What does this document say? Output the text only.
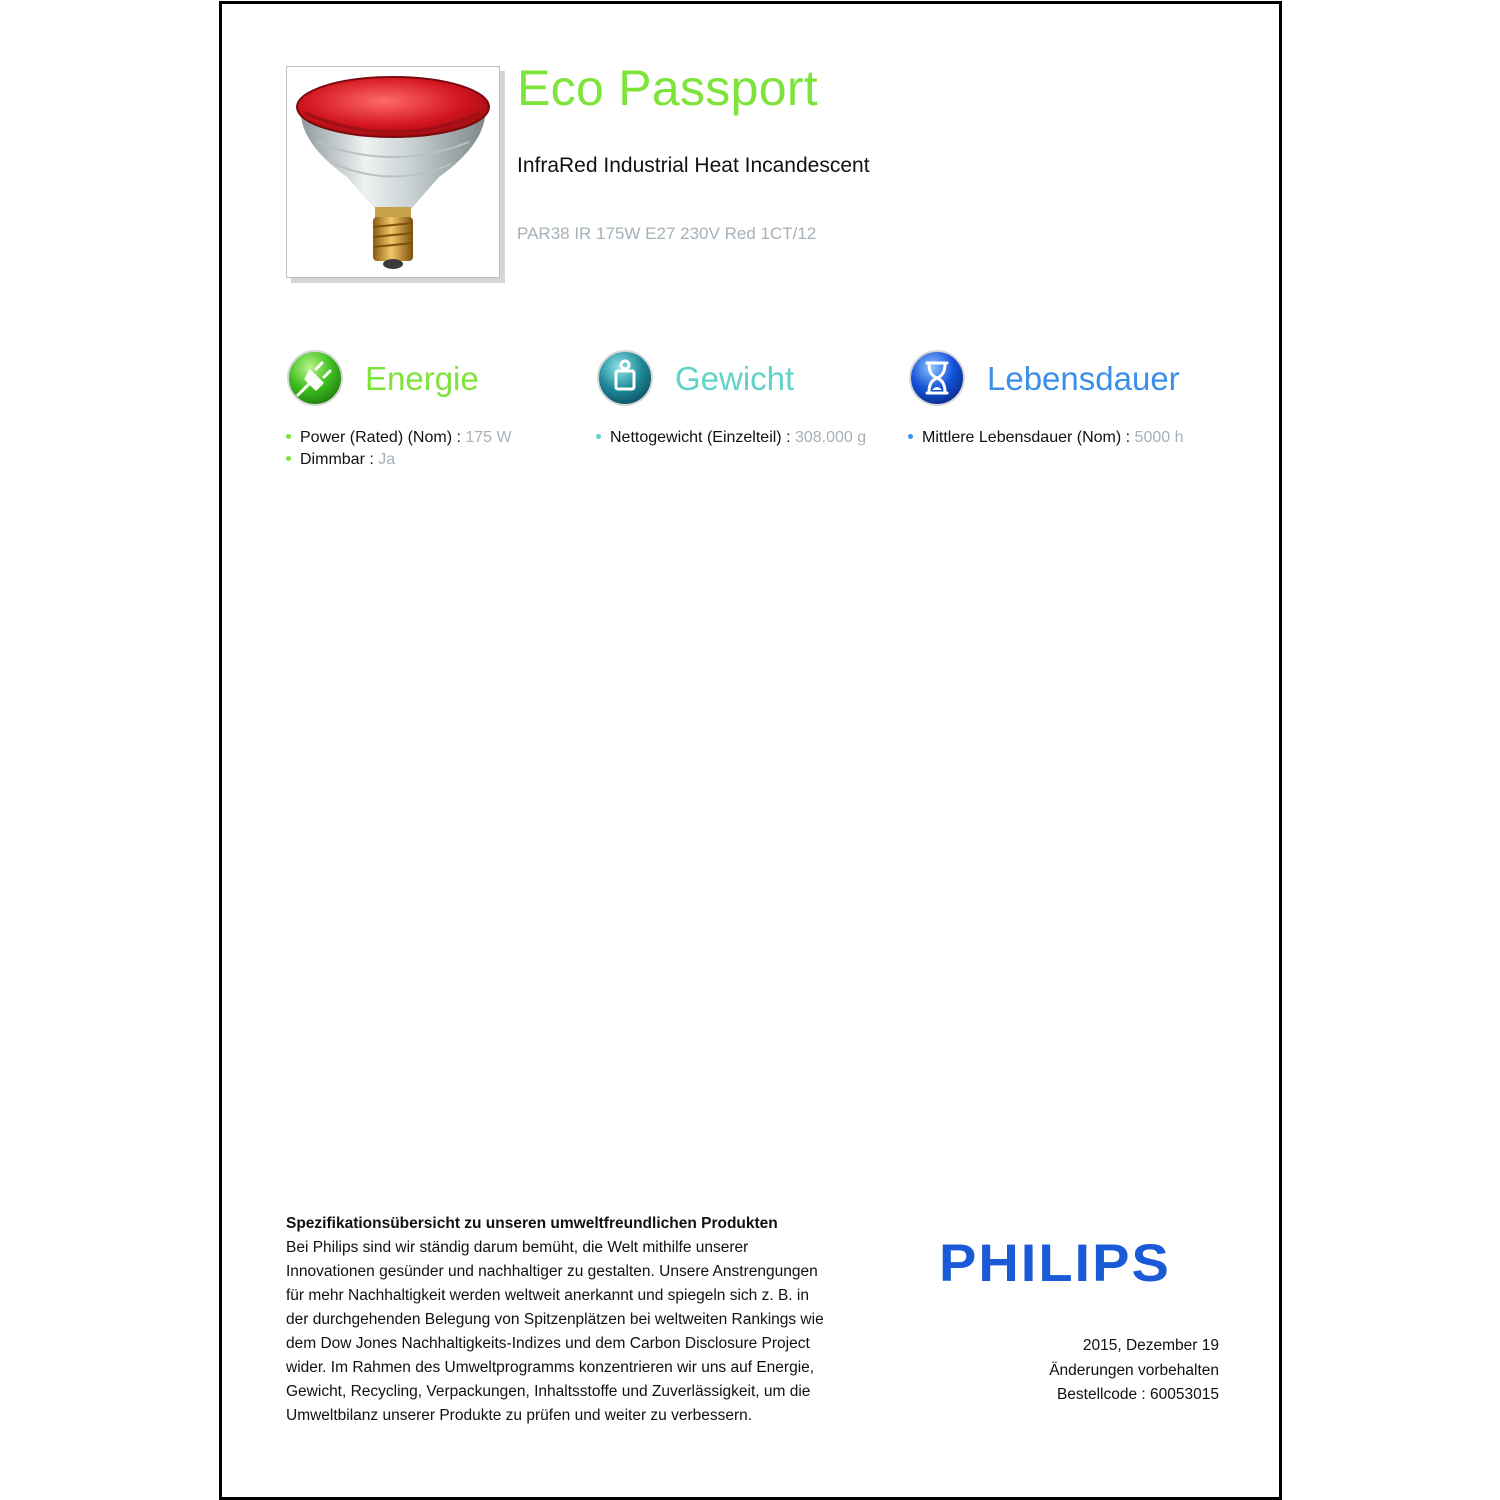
Eco Passport
InfraRed Industrial Heat Incandescent
PAR38 IR 175W E27 230V Red 1CT/12
Energie
Power (Rated) (Nom) : 175 W
Dimmbar : Ja
Gewicht
Nettogewicht (Einzelteil) : 308.000 g
Lebensdauer
Mittlere Lebensdauer (Nom) : 5000 h
Spezifikationsübersicht zu unseren umweltfreundlichen Produkten
Bei Philips sind wir ständig darum bemüht, die Welt mithilfe unserer Innovationen gesünder und nachhaltiger zu gestalten. Unsere Anstrengungen für mehr Nachhaltigkeit werden weltweit anerkannt und spiegeln sich z. B. in der durchgehenden Belegung von Spitzenplätzen bei weltweiten Rankings wie dem Dow Jones Nachhaltigkeits-Indizes und dem Carbon Disclosure Project wider. Im Rahmen des Umweltprogramms konzentrieren wir uns auf Energie, Gewicht, Recycling, Verpackungen, Inhaltsstoffe und Zuverlässigkeit, um die Umweltbilanz unserer Produkte zu prüfen und weiter zu verbessern.
PHILIPS
2015, Dezember 19
Änderungen vorbehalten
Bestellcode : 60053015
